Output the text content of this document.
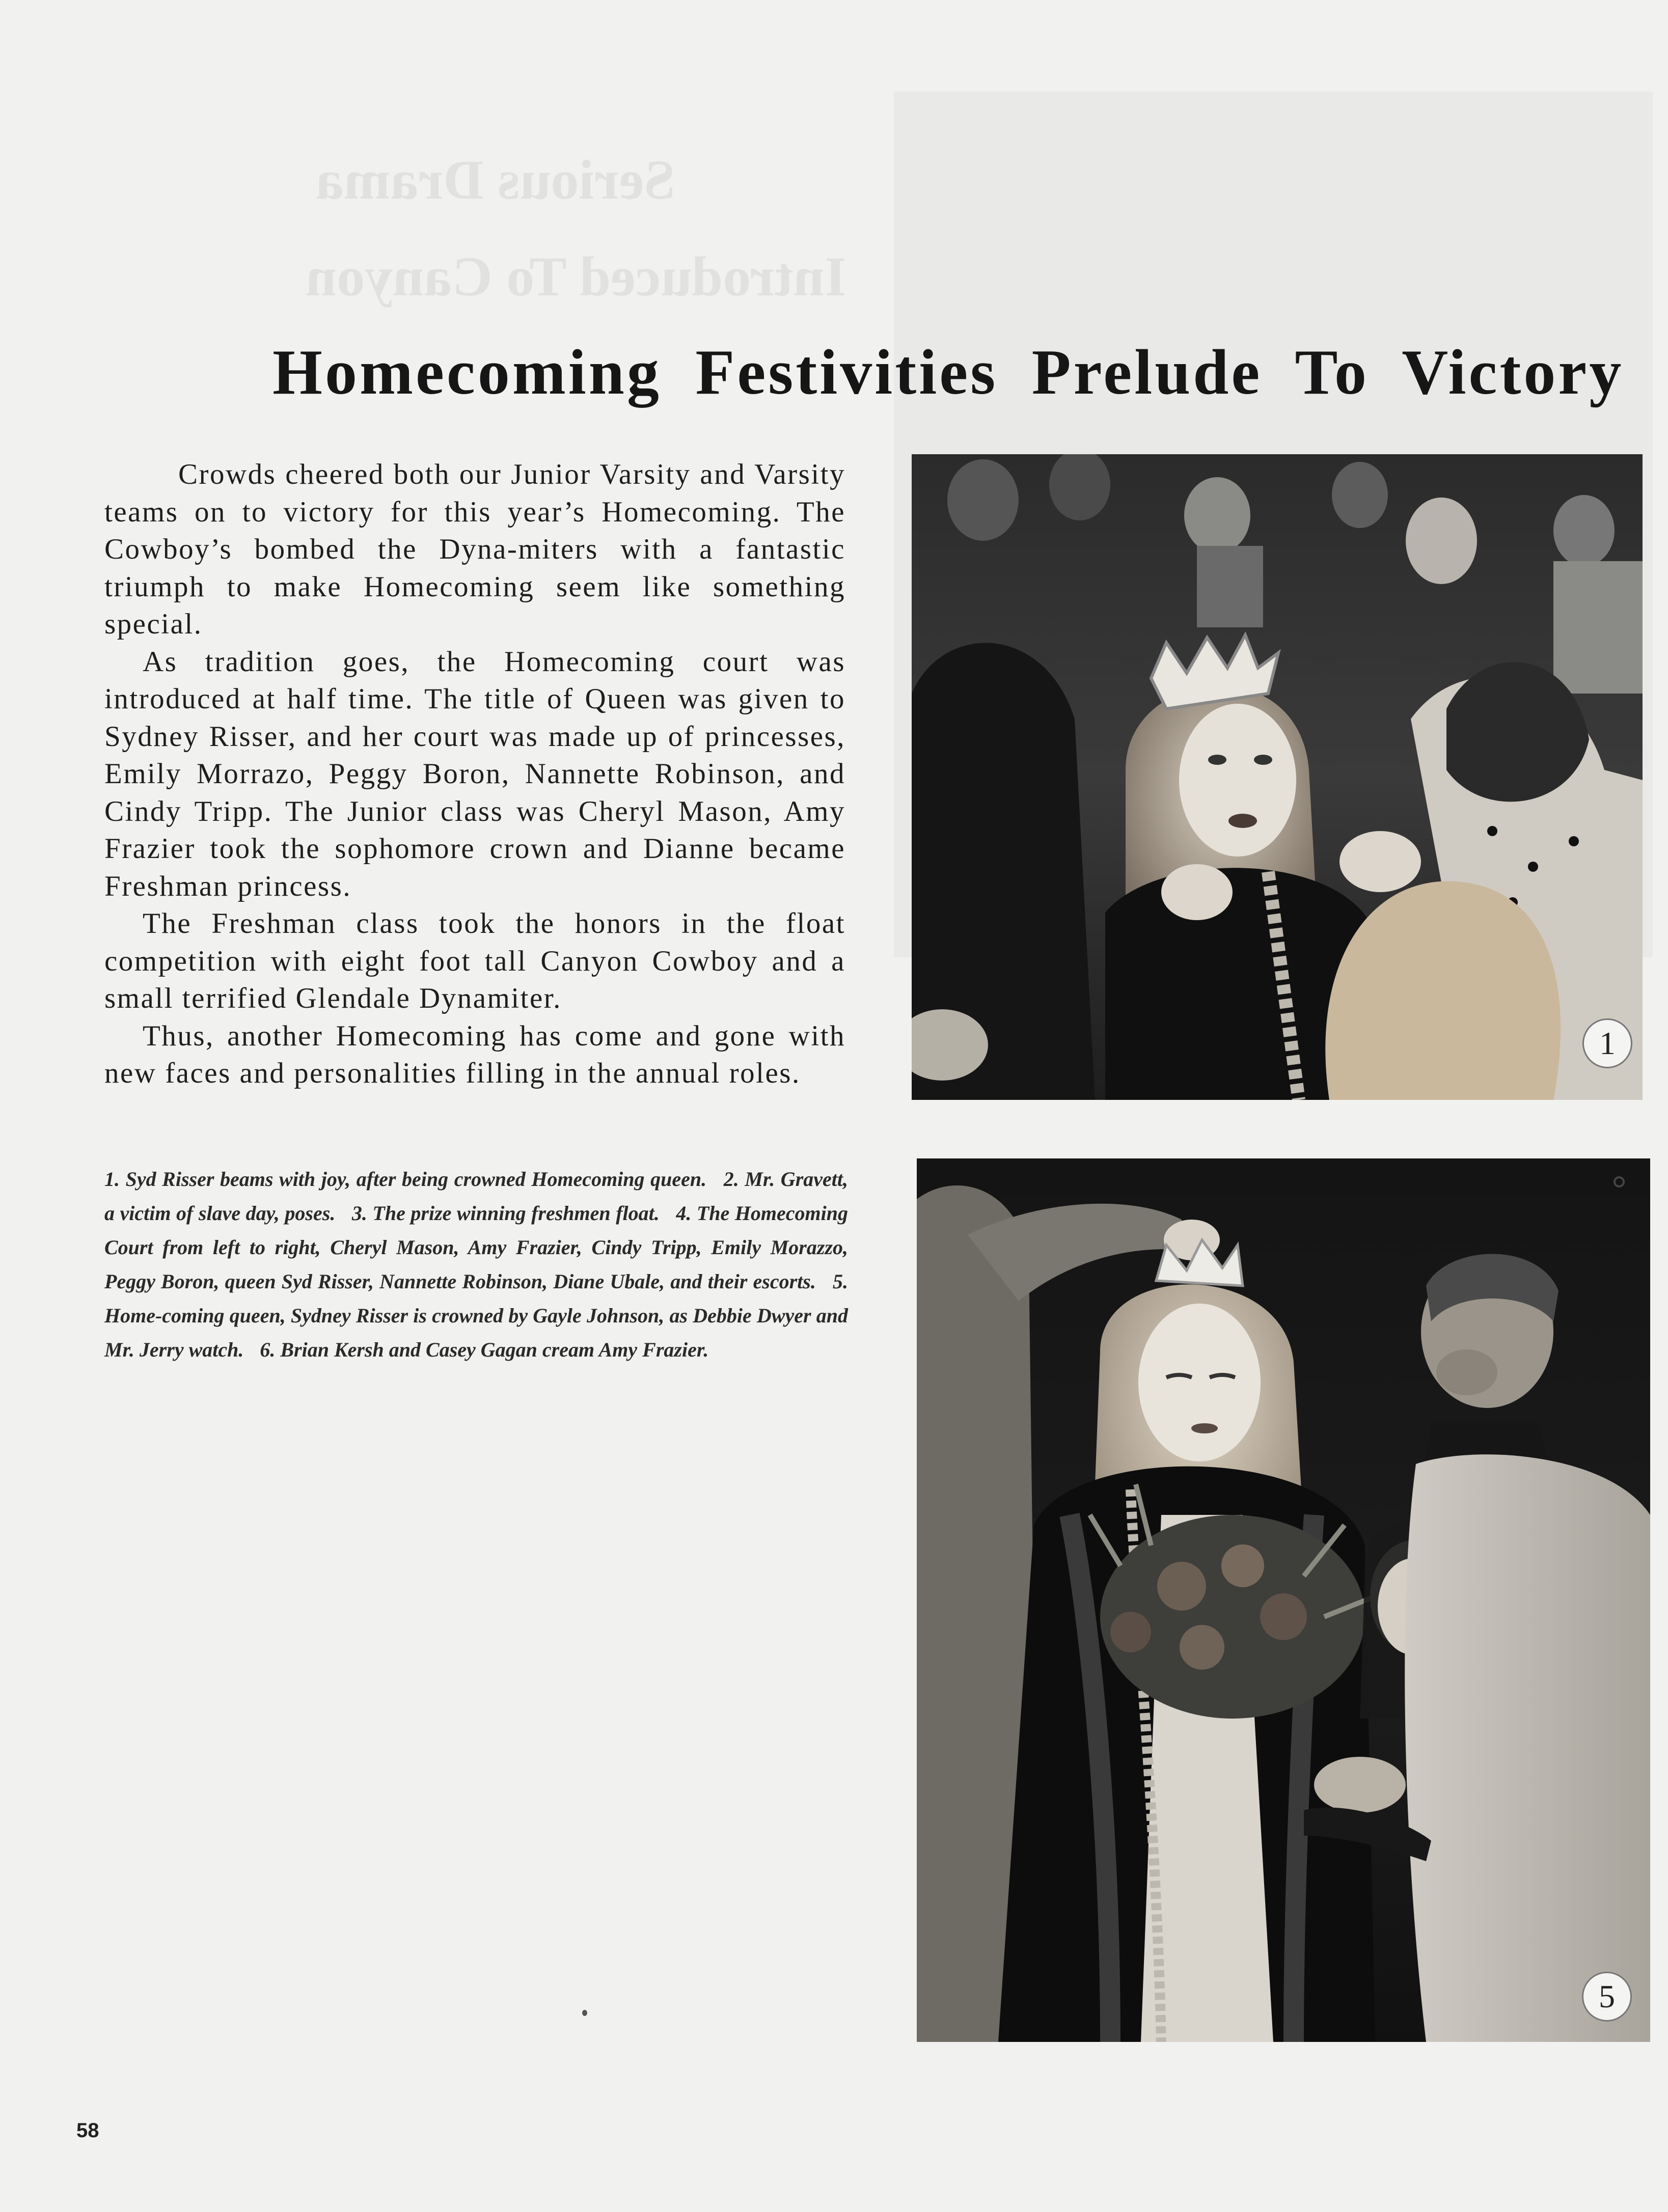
Serious Drama
Introduced To Canyon
Homecoming Festivities Prelude To Victory

Crowds cheered both our Junior Varsity and Varsity teams on to victory for this year’s Homecoming. The Cowboy’s bombed the Dyna-miters with a fantastic triumph to make Homecoming seem like something special.

As tradition goes, the Homecoming court was introduced at half time. The title of Queen was given to Sydney Risser, and her court was made up of princesses, Emily Morrazo, Peggy Boron, Nannette Robinson, and Cindy Tripp. The Junior class was Cheryl Mason, Amy Frazier took the sophomore crown and Dianne became Freshman princess.

The Freshman class took the honors in the float competition with eight foot tall Canyon Cowboy and a small terrified Glendale Dynamiter.

Thus, another Homecoming has come and gone with new faces and personalities filling in the annual roles.

1. Syd Risser beams with joy, after being crowned Homecoming queen. 2. Mr. Gravett, a victim of slave day, poses. 3. The prize winning freshmen float. 4. The Homecoming Court from left to right, Cheryl Mason, Amy Frazier, Cindy Tripp, Emily Morazzo, Peggy Boron, queen Syd Risser, Nannette Robinson, Diane Ubale, and their escorts. 5. Home-coming queen, Sydney Risser is crowned by Gayle Johnson, as Debbie Dwyer and Mr. Jerry watch. 6. Brian Kersh and Casey Gagan cream Amy Frazier.
1
5
58
